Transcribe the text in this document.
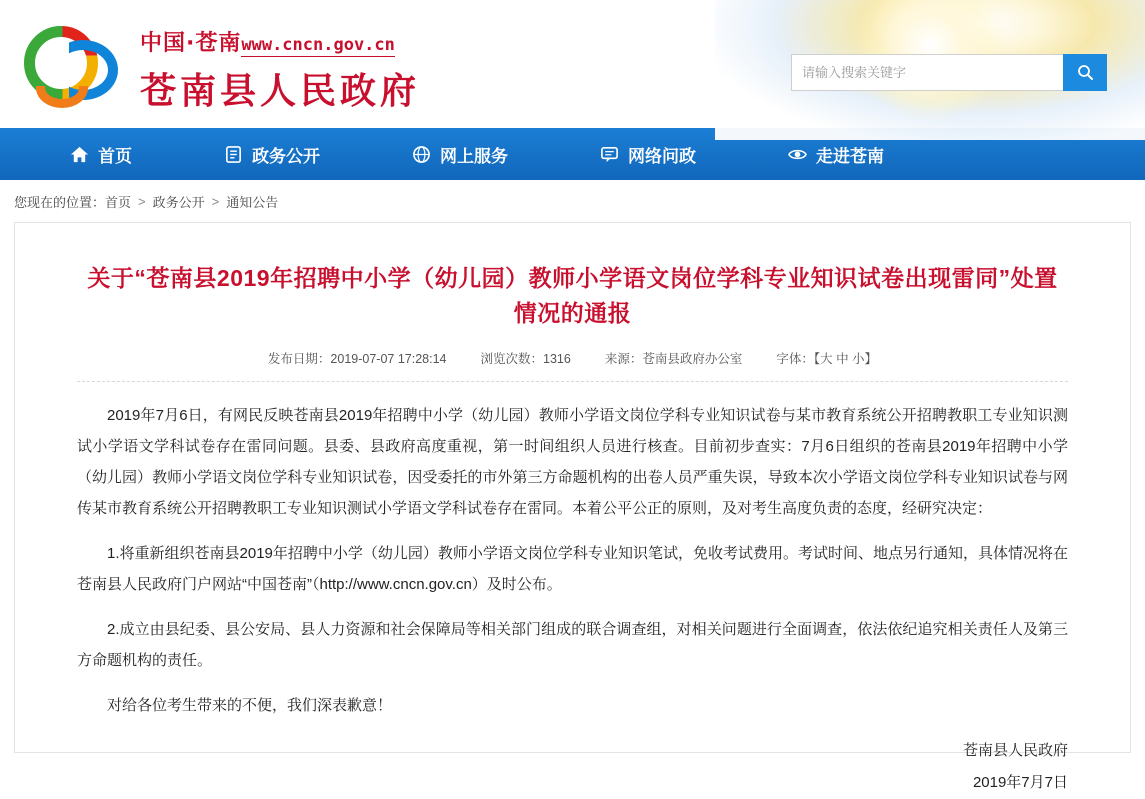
中国·苍南www.cncn.gov.cn
苍南县人民政府
请输入搜索关键字
首页	政务公开	网上服务	网络问政	走进苍南
您现在的位置： 首页 > 政务公开 > 通知公告
关于“苍南县2019年招聘中小学（幼儿园）教师小学语文岗位学科专业知识试卷出现雷同”处置情况的通报
发布日期：2019-07-07 17:28:14	浏览次数：1316	来源：苍南县政府办公室	字体：【大 中 小】

2019年7月6日，有网民反映苍南县2019年招聘中小学（幼儿园）教师小学语文岗位学科专业知识试卷与某市教育系统公开招聘教职工专业知识测试小学语文学科试卷存在雷同问题。县委、县政府高度重视，第一时间组织人员进行核查。目前初步查实：7月6日组织的苍南县2019年招聘中小学（幼儿园）教师小学语文岗位学科专业知识试卷，因受委托的市外第三方命题机构的出卷人员严重失误，导致本次小学语文岗位学科专业知识试卷与网传某市教育系统公开招聘教职工专业知识测试小学语文学科试卷存在雷同。本着公平公正的原则，及对考生高度负责的态度，经研究决定：

1.将重新组织苍南县2019年招聘中小学（幼儿园）教师小学语文岗位学科专业知识笔试，免收考试费用。考试时间、地点另行通知，具体情况将在苍南县人民政府门户网站“中国苍南”（http://www.cncn.gov.cn）及时公布。

2.成立由县纪委、县公安局、县人力资源和社会保障局等相关部门组成的联合调查组，对相关问题进行全面调查，依法依纪追究相关责任人及第三方命题机构的责任。

对给各位考生带来的不便，我们深表歉意！

苍南县人民政府
2019年7月7日
